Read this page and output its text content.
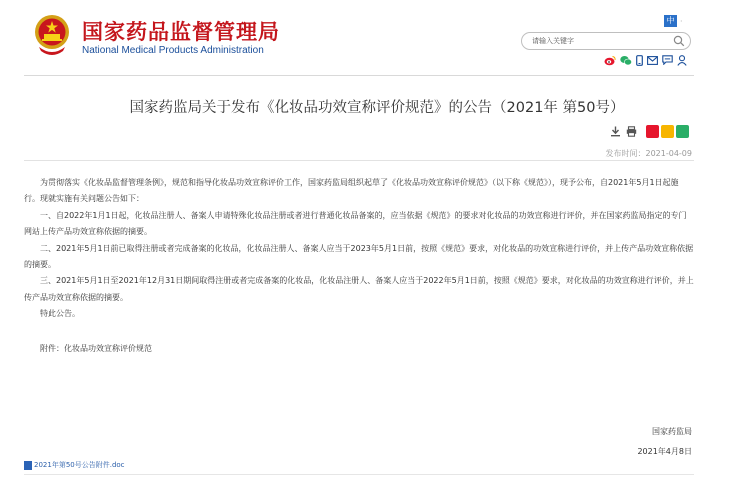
国家药品监督管理局
National Medical Products Administration
中 ·
请输入关键字
国家药监局关于发布《化妆品功效宣称评价规范》的公告（2021年 第50号）
发布时间：2021-04-09

为贯彻落实《化妆品监督管理条例》，规范和指导化妆品功效宣称评价工作，国家药监局组织起草了《化妆品功效宣称评价规范》（以下称《规范》），现予公布，自2021年5月1日起施行。现就实施有关问题公告如下：

一、自2022年1月1日起，化妆品注册人、备案人申请特殊化妆品注册或者进行普通化妆品备案的，应当依据《规范》的要求对化妆品的功效宣称进行评价，并在国家药监局指定的专门网站上传产品功效宣称依据的摘要。

二、2021年5月1日前已取得注册或者完成备案的化妆品，化妆品注册人、备案人应当于2023年5月1日前，按照《规范》要求，对化妆品的功效宣称进行评价，并上传产品功效宣称依据的摘要。

三、2021年5月1日至2021年12月31日期间取得注册或者完成备案的化妆品，化妆品注册人、备案人应当于2022年5月1日前，按照《规范》要求，对化妆品的功效宣称进行评价，并上传产品功效宣称依据的摘要。

特此公告。

附件：化妆品功效宣称评价规范

国家药监局
2021年4月8日
2021年第50号公告附件.doc
